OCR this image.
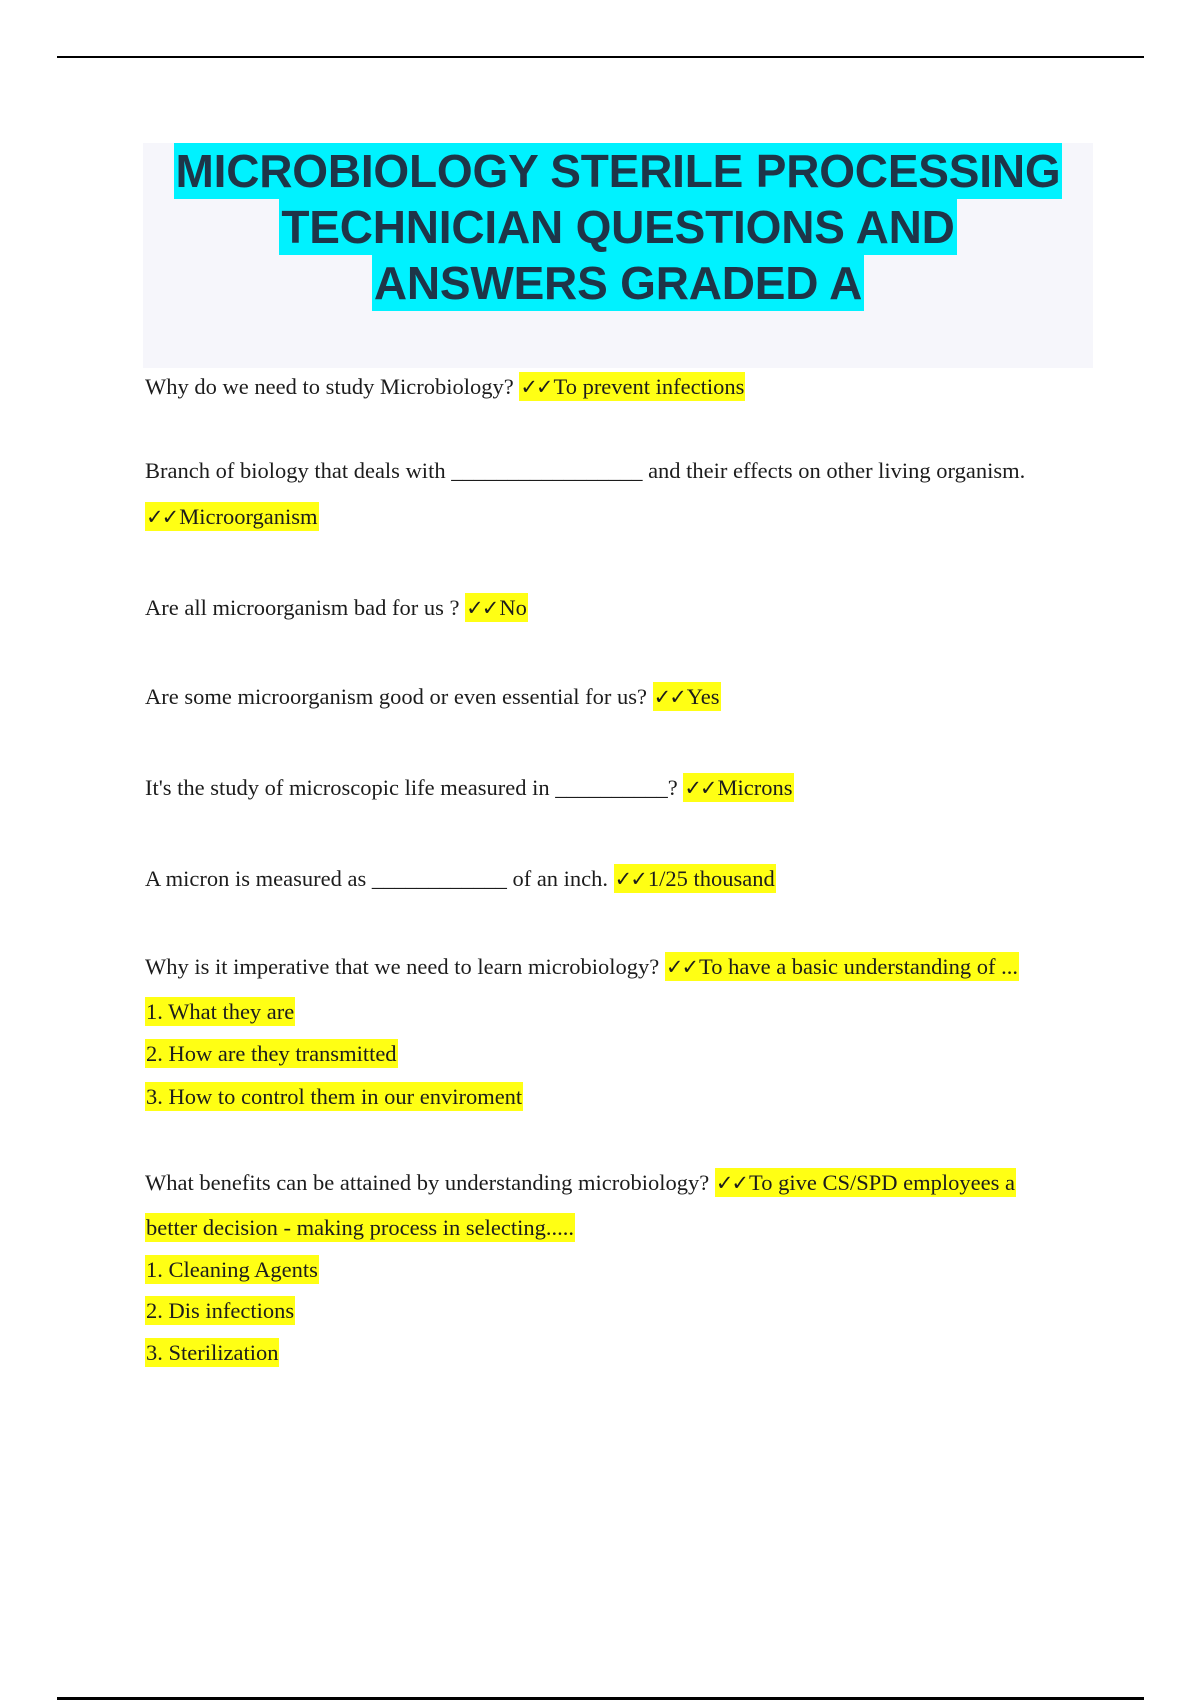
MICROBIOLOGY STERILE PROCESSING
TECHNICIAN QUESTIONS AND
ANSWERS GRADED A
Why do we need to study Microbiology? ✓✓To prevent infections
Branch of biology that deals with _________________ and their effects on other living organism.
✓✓Microorganism
Are all microorganism bad for us ? ✓✓No
Are some microorganism good or even essential for us? ✓✓Yes
It's the study of microscopic life measured in __________? ✓✓Microns
A micron is measured as ____________ of an inch. ✓✓1/25 thousand
Why is it imperative that we need to learn microbiology? ✓✓To have a basic understanding of ...
1. What they are
2. How are they transmitted
3. How to control them in our enviroment
What benefits can be attained by understanding microbiology? ✓✓To give CS/SPD employees a
better decision - making process in selecting.....
1. Cleaning Agents
2. Dis infections
3. Sterilization
